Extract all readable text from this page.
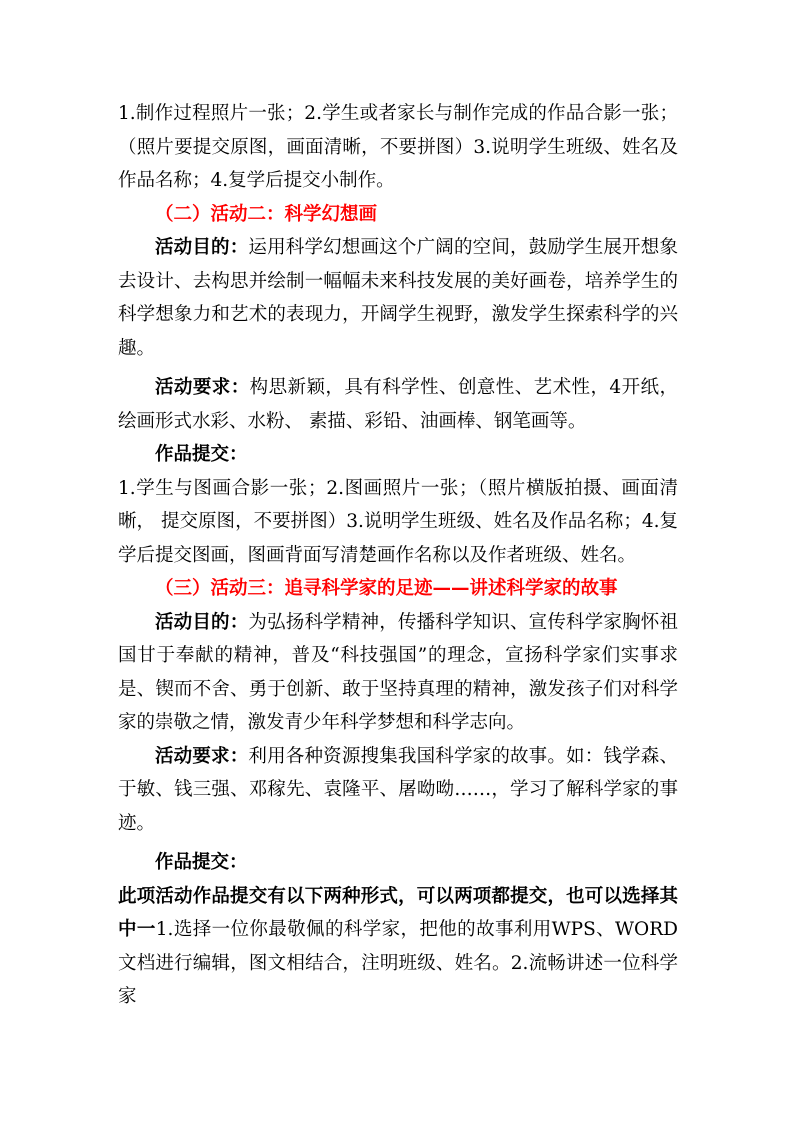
1.制作过程照片一张；2.学生或者家长与制作完成的作品合影一张；（照片要提交原图，画面清晰，不要拼图）3.说明学生班级、姓名及作品名称；4.复学后提交小制作。

（二）活动二：科学幻想画

活动目的：运用科学幻想画这个广阔的空间，鼓励学生展开想象去设计、去构思并绘制一幅幅未来科技发展的美好画卷，培养学生的科学想象力和艺术的表现力，开阔学生视野，激发学生探索科学的兴趣。

活动要求：构思新颖，具有科学性、创意性、艺术性，4开纸，绘画形式水彩、水粉、 素描、彩铅、油画棒、钢笔画等。

作品提交：

1.学生与图画合影一张；2.图画照片一张；（照片横版拍摄、画面清晰， 提交原图，不要拼图）3.说明学生班级、姓名及作品名称；4.复学后提交图画，图画背面写清楚画作名称以及作者班级、姓名。

（三）活动三：追寻科学家的足迹——讲述科学家的故事

活动目的：为弘扬科学精神，传播科学知识、宣传科学家胸怀祖国甘于奉献的精神，普及“科技强国”的理念，宣扬科学家们实事求是、锲而不舍、勇于创新、敢于坚持真理的精神，激发孩子们对科学家的崇敬之情，激发青少年科学梦想和科学志向。

活动要求：利用各种资源搜集我国科学家的故事。如：钱学森、于敏、钱三强、邓稼先、袁隆平、屠呦呦……，学习了解科学家的事迹。

作品提交：

此项活动作品提交有以下两种形式，可以两项都提交，也可以选择其中一1.选择一位你最敬佩的科学家，把他的故事利用WPS、WORD文档进行编辑，图文相结合，注明班级、姓名。2.流畅讲述一位科学家
